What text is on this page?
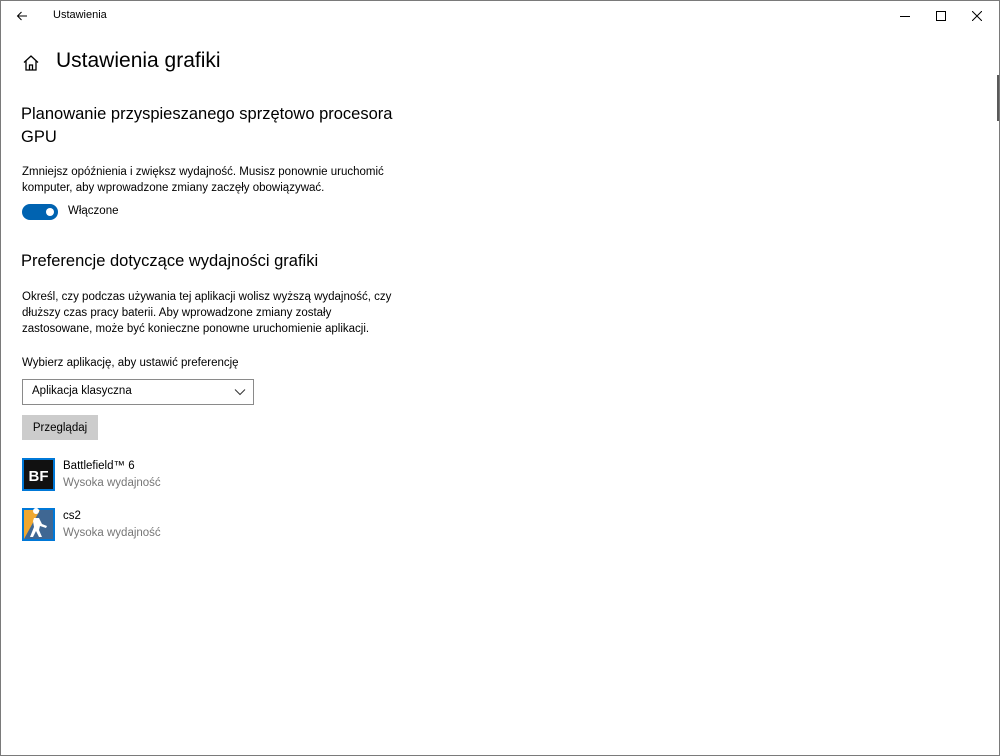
Ustawienia
Ustawienia grafiki
Planowanie przyspieszanego sprzętowo procesora GPU
Zmniejsz opóźnienia i zwiększ wydajność. Musisz ponownie uruchomić komputer, aby wprowadzone zmiany zaczęły obowiązywać.
Włączone
Preferencje dotyczące wydajności grafiki
Określ, czy podczas używania tej aplikacji wolisz wyższą wydajność, czy dłuższy czas pracy baterii. Aby wprowadzone zmiany zostały zastosowane, może być konieczne ponowne uruchomienie aplikacji.
Wybierz aplikację, aby ustawić preferencję
Aplikacja klasyczna
Przeglądaj
BF
Battlefield™ 6
Wysoka wydajność
cs2
Wysoka wydajność
